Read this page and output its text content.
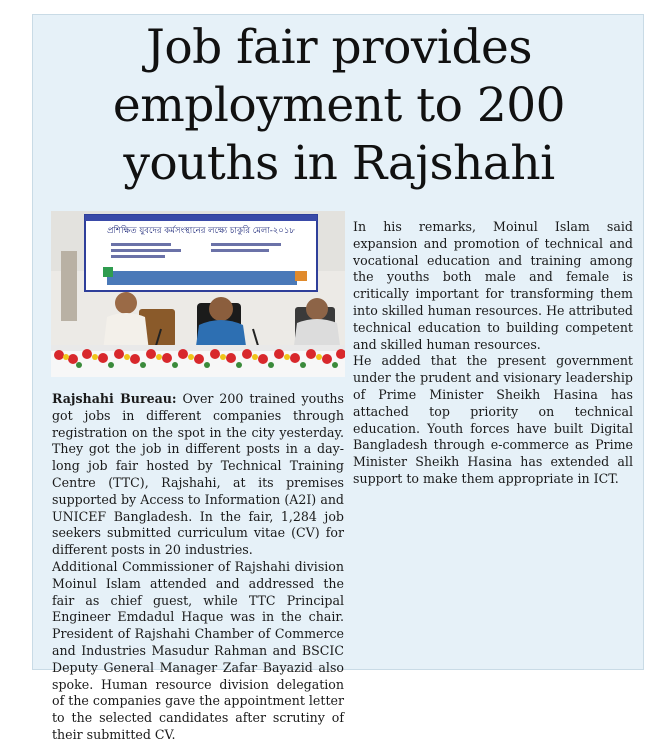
Job fair provides employment to 200 youths in Rajshahi
প্রশিক্ষিত যুবদের কর্মসংস্থানের লক্ষ্যে চাকুরি মেলা-২০১৮

Rajshahi Bureau: Over 200 trained youths got jobs in different companies through registration on the spot in the city yesterday. They got the job in different posts in a day-long job fair hosted by Technical Training Centre (TTC), Rajshahi, at its premises supported by Access to Information (A2I) and UNICEF Bangladesh. In the fair, 1,284 job seekers submitted curriculum vitae (CV) for different posts in 20 industries.

Additional Commissioner of Rajshahi division Moinul Islam attended and addressed the fair as chief guest, while TTC Principal Engineer Emdadul Haque was in the chair. President of Rajshahi Chamber of Commerce and Industries Masudur Rahman and BSCIC Deputy General Manager Zafar Bayazid also spoke. Human resource division delegation of the companies gave the appointment letter to the selected candidates after scrutiny of their submitted CV.

In his remarks, Moinul Islam said expansion and promotion of technical and vocational education and training among the youths both male and female is critically important for transforming them into skilled human resources. He attributed technical education to building competent and skilled human resources.

He added that the present government under the prudent and visionary leadership of Prime Minister Sheikh Hasina has attached top priority on technical education. Youth forces have built Digital Bangladesh through e-commerce as Prime Minister Sheikh Hasina has extended all support to make them appropriate in ICT.
